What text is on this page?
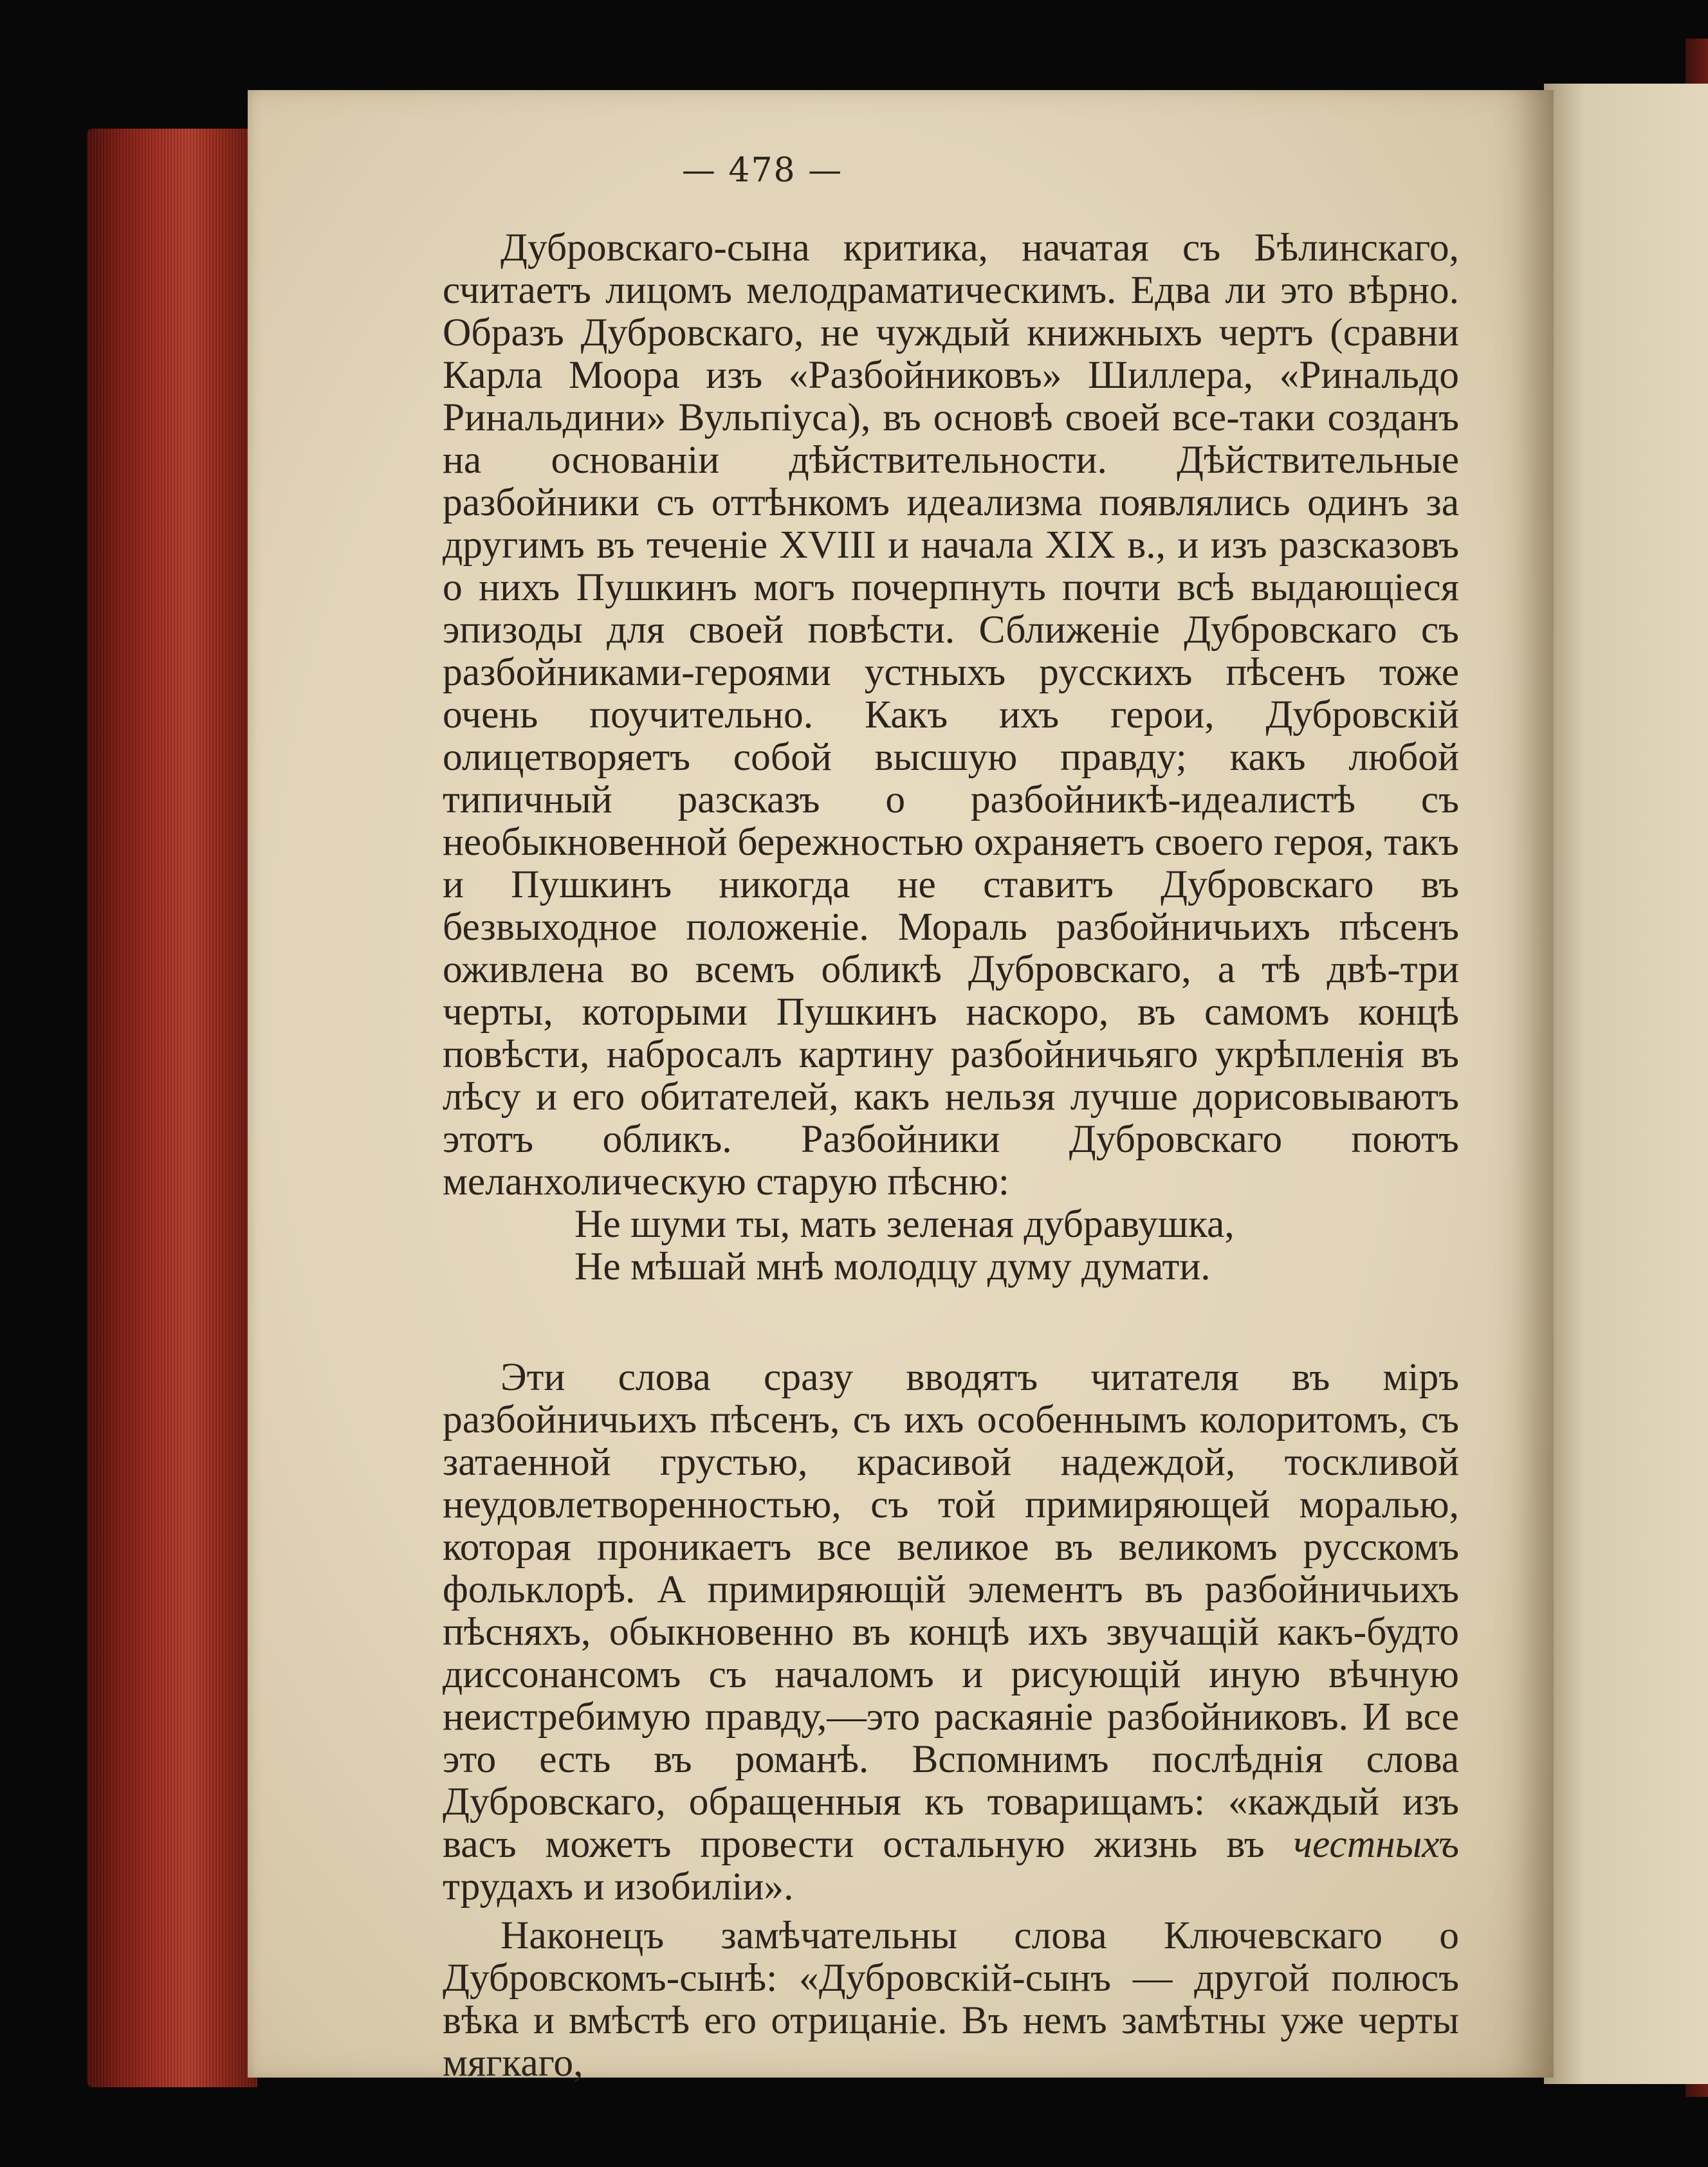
— 478 —

Дубровскаго-сына критика, начатая съ Бѣлинскаго, считаетъ лицомъ мелодраматическимъ. Едва ли это вѣрно. Образъ Дубровскаго, не чуждый книжныхъ чертъ (сравни Карла Моора изъ «Разбойниковъ» Шиллера, «Ринальдо Ринальдини» Вульпіуса), въ основѣ своей все-таки созданъ на основаніи дѣйствительности. Дѣйствительные разбойники съ оттѣнкомъ идеализма появлялись одинъ за другимъ въ теченіе XVIII и начала XIX в., и изъ разсказовъ о нихъ Пушкинъ могъ почерпнуть почти всѣ выдающіеся эпизоды для своей повѣсти. Сближеніе Дубровскаго съ разбойниками-героями устныхъ русскихъ пѣсенъ тоже очень поучительно. Какъ ихъ герои, Дубровскій олицетворяетъ собой высшую правду; какъ любой типичный разсказъ о разбойникѣ-идеалистѣ съ необыкновенной бережностью охраняетъ своего героя, такъ и Пушкинъ никогда не ставитъ Дубровскаго въ безвыходное положеніе. Мораль разбойничьихъ пѣсенъ оживлена во всемъ обликѣ Дубровскаго, а тѣ двѣ-три черты, которыми Пушкинъ наскоро, въ самомъ концѣ повѣсти, набросалъ картину разбойничьяго укрѣпленія въ лѣсу и его обитателей, какъ нельзя лучше дорисовываютъ этотъ обликъ. Разбойники Дубровскаго поютъ меланхолическую старую пѣсню:

Не шуми ты, мать зеленая дубравушка,
Не мѣшай мнѣ молодцу думу думати.

Эти слова сразу вводятъ читателя въ міръ разбойничьихъ пѣсенъ, съ ихъ особеннымъ колоритомъ, съ затаенной грустью, красивой надеждой, тоскливой неудовлетворенностью, съ той примиряющей моралью, которая проникаетъ все великое въ великомъ русскомъ фольклорѣ. А примиряющій элементъ въ разбойничьихъ пѣсняхъ, обыкновенно въ концѣ ихъ звучащій какъ-будто диссонансомъ съ началомъ и рисующій иную вѣчную неистребимую правду,—это раскаяніе разбойниковъ. И все это есть въ романѣ. Вспомнимъ послѣднія слова Дубровскаго, обращенныя къ товарищамъ: «каждый изъ васъ можетъ провести остальную жизнь въ честныхъ трудахъ и изобиліи».

Наконецъ замѣчательны слова Ключевскаго о Дубровскомъ-сынѣ: «Дубровскій-сынъ — другой полюсъ вѣка и вмѣстѣ его отрицаніе. Въ немъ замѣтны уже черты мягкаго,
